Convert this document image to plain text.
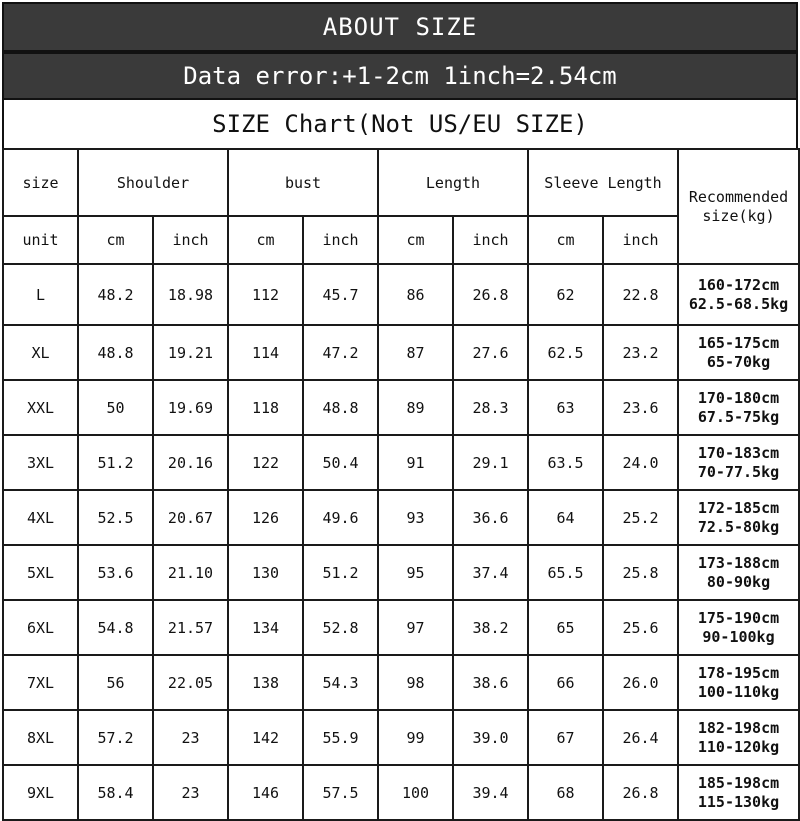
ABOUT SIZE
Data error:+1-2cm 1inch=2.54cm
SIZE Chart(Not US/EU SIZE)
size	Shoulder		bust		Length		Sleeve Length		Recommended
size(kg)

unit	cm	inch	cm	inch	cm	inch	cm	inch	
L	48.2	18.98	112	45.7	86	26.8	62	22.8	160-172cm
62.5-68.5kg

XL	48.8	19.21	114	47.2	87	27.6	62.5	23.2	165-175cm
65-70kg

XXL	50	19.69	118	48.8	89	28.3	63	23.6	170-180cm
67.5-75kg

3XL	51.2	20.16	122	50.4	91	29.1	63.5	24.0	170-183cm
70-77.5kg

4XL	52.5	20.67	126	49.6	93	36.6	64	25.2	172-185cm
72.5-80kg

5XL	53.6	21.10	130	51.2	95	37.4	65.5	25.8	173-188cm
80-90kg

6XL	54.8	21.57	134	52.8	97	38.2	65	25.6	175-190cm
90-100kg

7XL	56	22.05	138	54.3	98	38.6	66	26.0	178-195cm
100-110kg

8XL	57.2	23	142	55.9	99	39.0	67	26.4	182-198cm
110-120kg

9XL	58.4	23	146	57.5	100	39.4	68	26.8	185-198cm
115-130kg
